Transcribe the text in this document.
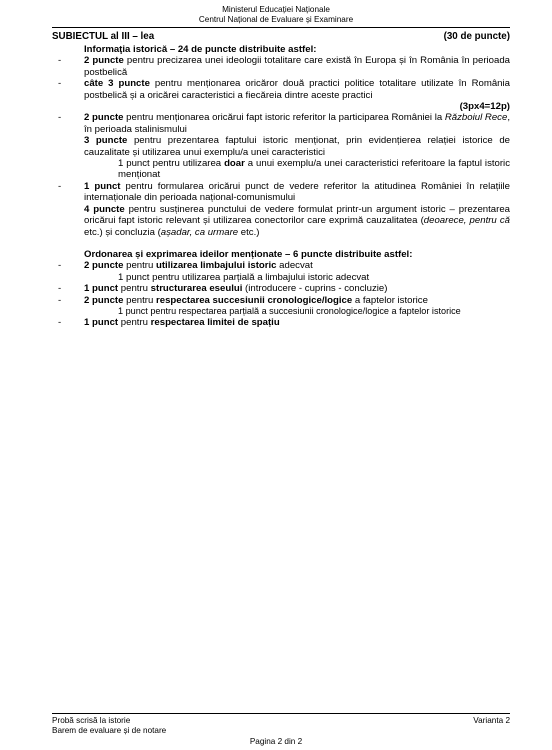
Ministerul Educației Naționale
Centrul Național de Evaluare și Examinare
SUBIECTUL al III – lea	(30 de puncte)
Informaţia istorică – 24 de puncte distribuite astfel:
- 2 puncte pentru precizarea unei ideologii totalitare care există în Europa și în România în perioada postbelică
- câte 3 puncte pentru menționarea oricăror două practici politice totalitare utilizate în România postbelică și a oricărei caracteristici a fiecăreia dintre aceste practici
(3px4=12p)
- 2 puncte pentru menționarea oricărui fapt istoric referitor la participarea României la Războiul Rece, în perioada stalinismului
3 puncte pentru prezentarea faptului istoric menționat, prin evidențierea relației istorice de cauzalitate și utilizarea unui exemplu/a unei caracteristici
1 punct pentru utilizarea doar a unui exemplu/a unei caracteristici referitoare la faptul istoric menționat
- 1 punct pentru formularea oricărui punct de vedere referitor la atitudinea României în relațiile internaționale din perioada național-comunismului
4 puncte pentru susținerea punctului de vedere formulat printr-un argument istoric – prezentarea oricărui fapt istoric relevant și utilizarea conectorilor care exprimă cauzalitatea (deoarece, pentru că etc.) și concluzia (așadar, ca urmare etc.)
Ordonarea și exprimarea ideilor menționate – 6 puncte distribuite astfel:
- 2 puncte pentru utilizarea limbajului istoric adecvat
1 punct pentru utilizarea parțială a limbajului istoric adecvat
- 1 punct pentru structurarea eseului (introducere - cuprins - concluzie)
- 2 puncte pentru respectarea succesiunii cronologice/logice a faptelor istorice
1 punct pentru respectarea parțială a succesiunii cronologice/logice a faptelor istorice
- 1 punct pentru respectarea limitei de spațiu
Probă scrisă la istorie	Varianta 2
Barem de evaluare și de notare
Pagina 2 din 2
